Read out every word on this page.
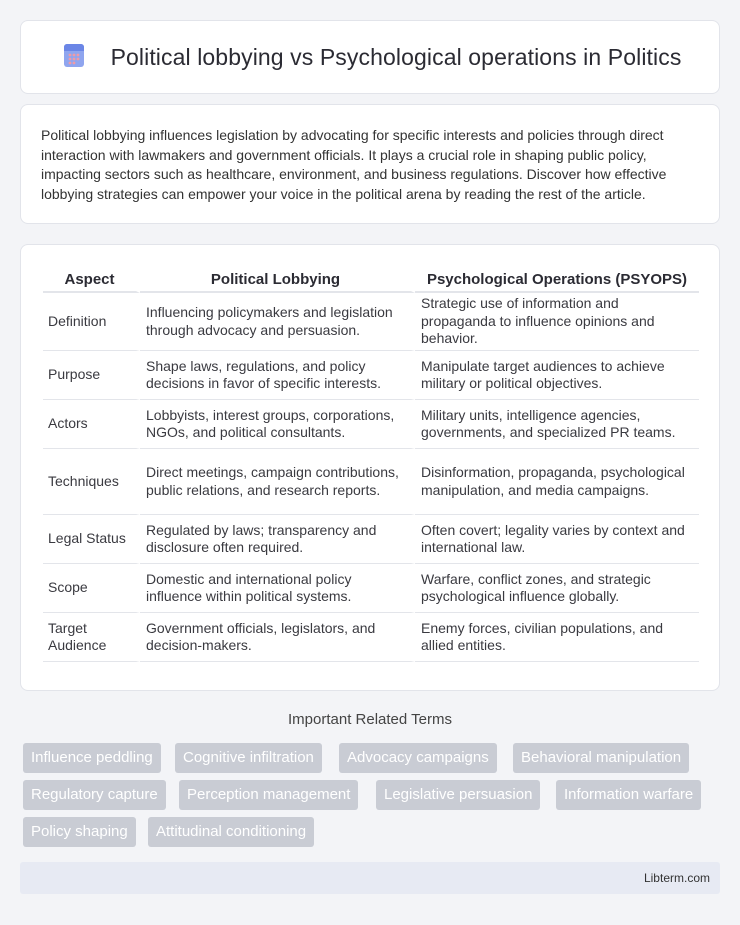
Political lobbying vs Psychological operations in Politics

Political lobbying influences legislation by advocating for specific interests and policies through direct interaction with lawmakers and government officials. It plays a crucial role in shaping public policy, impacting sectors such as healthcare, environment, and business regulations. Discover how effective lobbying strategies can empower your voice in the political arena by reading the rest of the article.

Aspect	Political Lobbying	Psychological Operations (PSYOPS)
Definition	Influencing policymakers and legislation through advocacy and persuasion.	Strategic use of information and propaganda to influence opinions and behavior.
Purpose	Shape laws, regulations, and policy decisions in favor of specific interests.	Manipulate target audiences to achieve military or political objectives.
Actors	Lobbyists, interest groups, corporations, NGOs, and political consultants.	Military units, intelligence agencies, governments, and specialized PR teams.
Techniques	Direct meetings, campaign contributions, public relations, and research reports.	Disinformation, propaganda, psychological manipulation, and media campaigns.
Legal Status	Regulated by laws; transparency and disclosure often required.	Often covert; legality varies by context and international law.
Scope	Domestic and international policy influence within political systems.	Warfare, conflict zones, and strategic psychological influence globally.
Target Audience	Government officials, legislators, and decision-makers.	Enemy forces, civilian populations, and allied entities.
Important Related Terms
Influence peddling	Cognitive infiltration	Advocacy campaigns	Behavioral manipulation
Regulatory capture	Perception management	Legislative persuasion	Information warfare
Policy shaping	Attitudinal conditioning
Libterm.com
